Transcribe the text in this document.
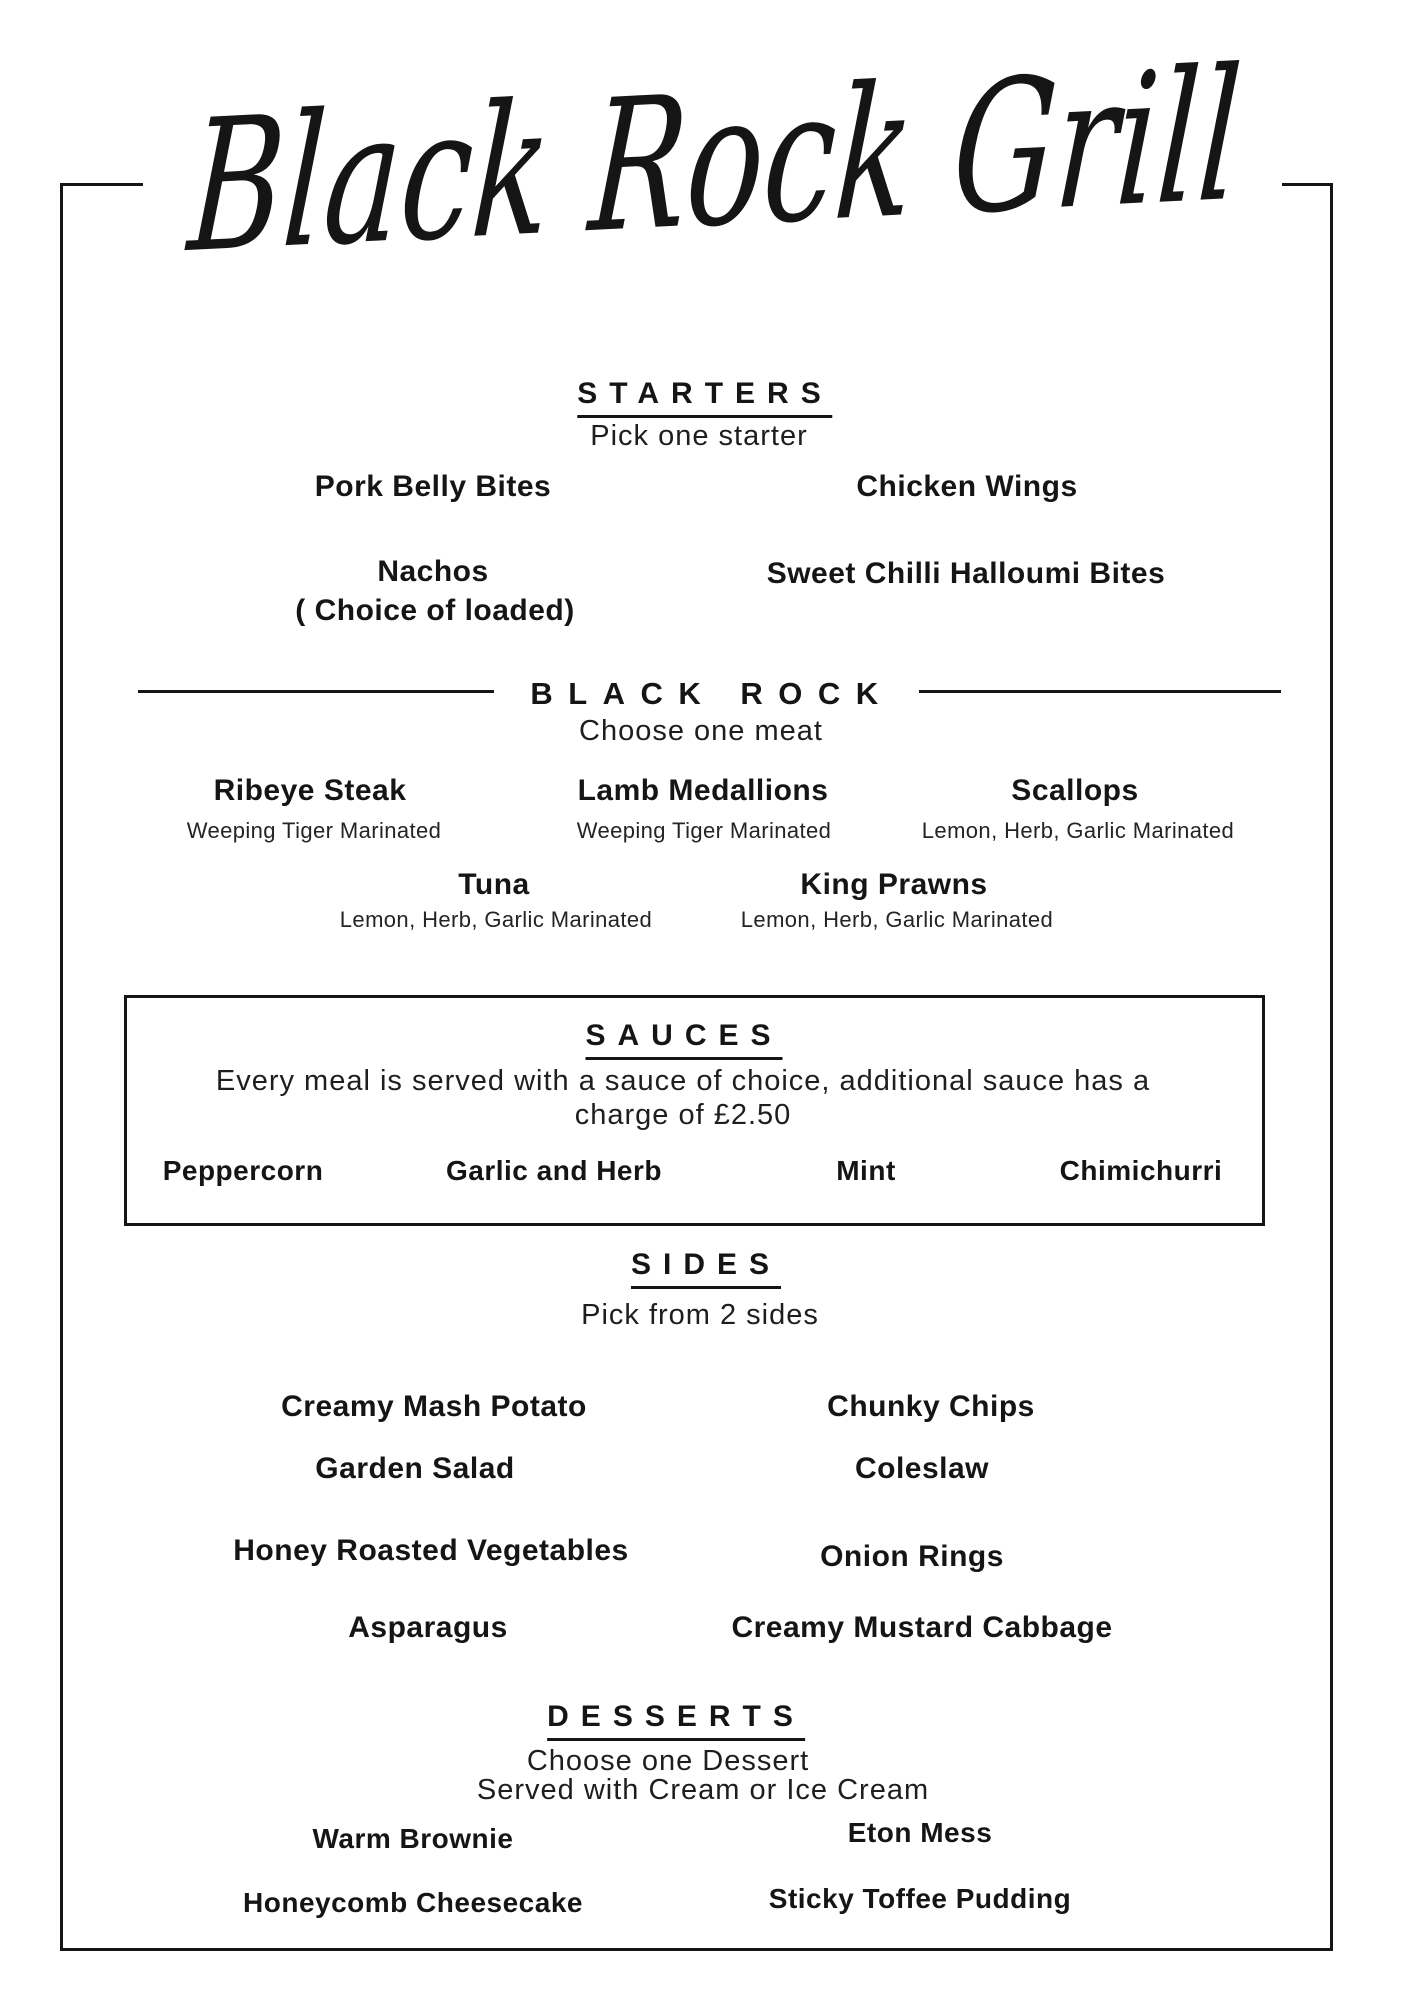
Black Rock Grill
STARTERS
Pick one starter
Pork Belly Bites	Chicken Wings
Nachos
( Choice of loaded)
Sweet Chilli Halloumi Bites
BLACK ROCK
Choose one meat
Ribeye Steak
Weeping Tiger Marinated
Lamb Medallions
Weeping Tiger Marinated
Scallops
Lemon, Herb, Garlic Marinated
Tuna
Lemon, Herb, Garlic Marinated
King Prawns
Lemon, Herb, Garlic Marinated
SAUCES
Every meal is served with a sauce of choice, additional sauce has a
charge of £2.50
Peppercorn	Garlic and Herb	Mint	Chimichurri
SIDES
Pick from 2 sides
Creamy Mash Potato	Chunky Chips
Garden Salad	Coleslaw
Honey Roasted Vegetables	Onion Rings
Asparagus	Creamy Mustard Cabbage
DESSERTS
Choose one Dessert
Served with Cream or Ice Cream
Warm Brownie	Eton Mess
Honeycomb Cheesecake	Sticky Toffee Pudding
